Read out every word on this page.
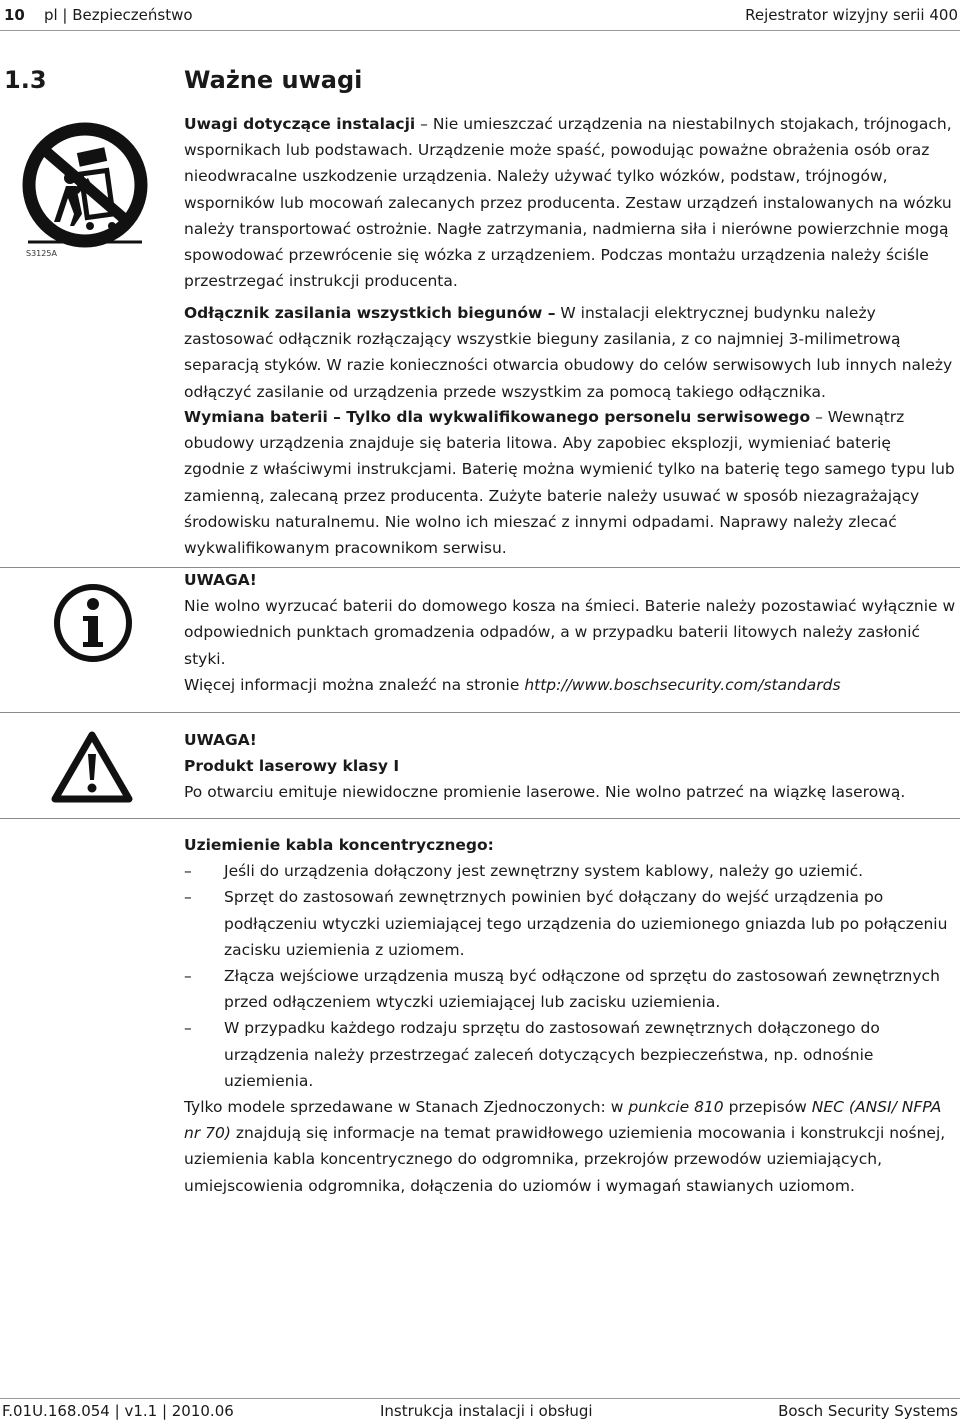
10 pl | Bezpieczeństwo	Rejestrator wizyjny serii 400
1.3	Ważne uwagi
S3125A

Uwagi dotyczące instalacji – Nie umieszczać urządzenia na niestabilnych stojakach, trójnogach, wspornikach lub podstawach. Urządzenie może spaść, powodując poważne obrażenia osób oraz nieodwracalne uszkodzenie urządzenia. Należy używać tylko wózków, podstaw, trójnogów, wsporników lub mocowań zalecanych przez producenta. Zestaw urządzeń instalowanych na wózku należy transportować ostrożnie. Nagłe zatrzymania, nadmierna siła i nierówne powierzchnie mogą spowodować przewrócenie się wózka z urządzeniem. Podczas montażu urządzenia należy ściśle przestrzegać instrukcji producenta.

Odłącznik zasilania wszystkich biegunów – W instalacji elektrycznej budynku należy zastosować odłącznik rozłączający wszystkie bieguny zasilania, z co najmniej 3-milimetrową separacją styków. W razie konieczności otwarcia obudowy do celów serwisowych lub innych należy odłączyć zasilanie od urządzenia przede wszystkim za pomocą takiego odłącznika.

Wymiana baterii – Tylko dla wykwalifikowanego personelu serwisowego – Wewnątrz obudowy urządzenia znajduje się bateria litowa. Aby zapobiec eksplozji, wymieniać baterię zgodnie z właściwymi instrukcjami. Baterię można wymienić tylko na baterię tego samego typu lub zamienną, zalecaną przez producenta. Zużyte baterie należy usuwać w sposób niezagrażający środowisku naturalnemu. Nie wolno ich mieszać z innymi odpadami. Naprawy należy zlecać wykwalifikowanym pracownikom serwisu.

UWAGA!

Nie wolno wyrzucać baterii do domowego kosza na śmieci. Baterie należy pozostawiać wyłącznie w odpowiednich punktach gromadzenia odpadów, a w przypadku baterii litowych należy zasłonić styki.

Więcej informacji można znaleźć na stronie http://www.boschsecurity.com/standards

UWAGA!

Produkt laserowy klasy I

Po otwarciu emituje niewidoczne promienie laserowe. Nie wolno patrzeć na wiązkę laserową.

Uziemienie kabla koncentrycznego:

– Jeśli do urządzenia dołączony jest zewnętrzny system kablowy, należy go uziemić.
– Sprzęt do zastosowań zewnętrznych powinien być dołączany do wejść urządzenia po podłączeniu wtyczki uziemiającej tego urządzenia do uziemionego gniazda lub po połączeniu zacisku uziemienia z uziomem.
– Złącza wejściowe urządzenia muszą być odłączone od sprzętu do zastosowań zewnętrznych przed odłączeniem wtyczki uziemiającej lub zacisku uziemienia.
– W przypadku każdego rodzaju sprzętu do zastosowań zewnętrznych dołączonego do urządzenia należy przestrzegać zaleceń dotyczących bezpieczeństwa, np. odnośnie uziemienia.

Tylko modele sprzedawane w Stanach Zjednoczonych: w punkcie 810 przepisów NEC (ANSI/ NFPA nr 70) znajdują się informacje na temat prawidłowego uziemienia mocowania i konstrukcji nośnej, uziemienia kabla koncentrycznego do odgromnika, przekrojów przewodów uziemiających, umiejscowienia odgromnika, dołączenia do uziomów i wymagań stawianych uziomom.

F.01U.168.054 | v1.1 | 2010.06	Instrukcja instalacji i obsługi	Bosch Security Systems
